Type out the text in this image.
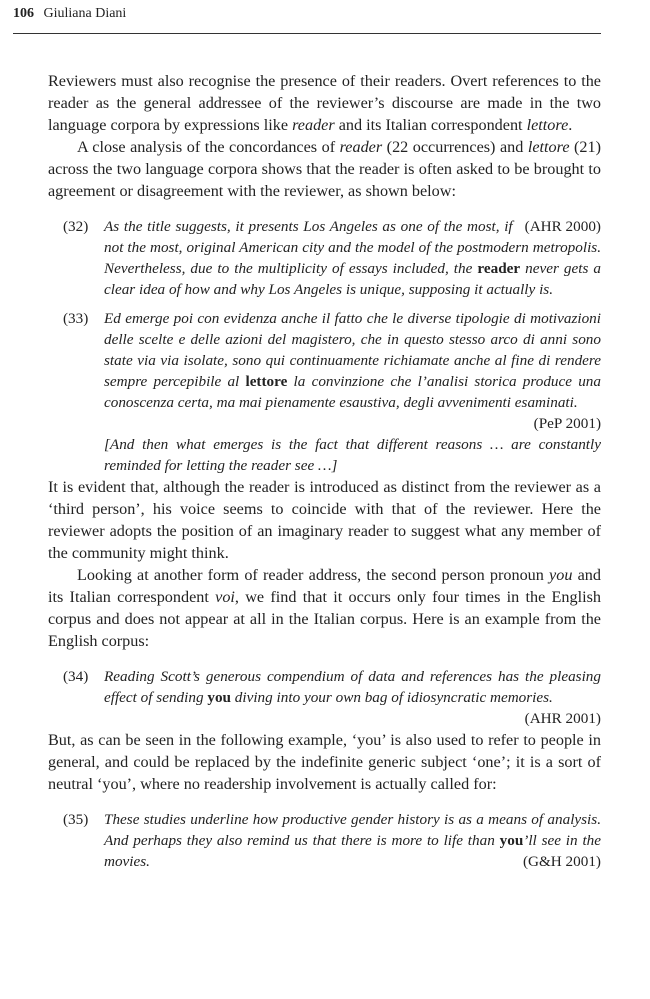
106 Giuliana Diani

Reviewers must also recognise the presence of their readers. Overt references to the reader as the general addressee of the reviewer’s discourse are made in the two language corpora by expressions like reader and its Italian correspondent lettore.

A close analysis of the concordances of reader (22 occurrences) and lettore (21) across the two language corpora shows that the reader is often asked to be brought to agreement or disagreement with the reviewer, as shown below:

(32)	(AHR 2000)
As the title suggests, it presents Los Angeles as one of the most, if not the most, original American city and the model of the postmodern metropolis. Nevertheless, due to the multiplicity of essays included, the reader never gets a clear idea of how and why Los Angeles is unique, supposing it actually is.
(33) Ed emerge poi con evidenza anche il fatto che le diverse tipologie di motivazioni delle scelte e delle azioni del magistero, che in questo stesso arco di anni sono state via via isolate, sono qui continuamente richiamate anche al fine di rendere sempre percepibile al lettore la convinzione che l’analisi storica produce una conoscenza certa, ma mai pienamente esaustiva, degli avvenimenti esaminati.
(PeP 2001)
[And then what emerges is the fact that different reasons … are constantly reminded for letting the reader see …]

It is evident that, although the reader is introduced as distinct from the reviewer as a ‘third person’, his voice seems to coincide with that of the reviewer. Here the reviewer adopts the position of an imaginary reader to suggest what any member of the community might think.

Looking at another form of reader address, the second person pronoun you and its Italian correspondent voi, we find that it occurs only four times in the English corpus and does not appear at all in the Italian corpus. Here is an example from the English corpus:

(34) Reading Scott’s generous compendium of data and references has the pleasing effect of sending you diving into your own bag of idiosyncratic memories.
(AHR 2001)

But, as can be seen in the following example, ‘you’ is also used to refer to people in general, and could be replaced by the indefinite generic subject ‘one’; it is a sort of neutral ‘you’, where no readership involvement is actually called for:

(35) These studies underline how productive gender history is as a means of analysis. And perhaps they also remind us that there is more to life than you’ll see in the movies.	(G&H 2001)
